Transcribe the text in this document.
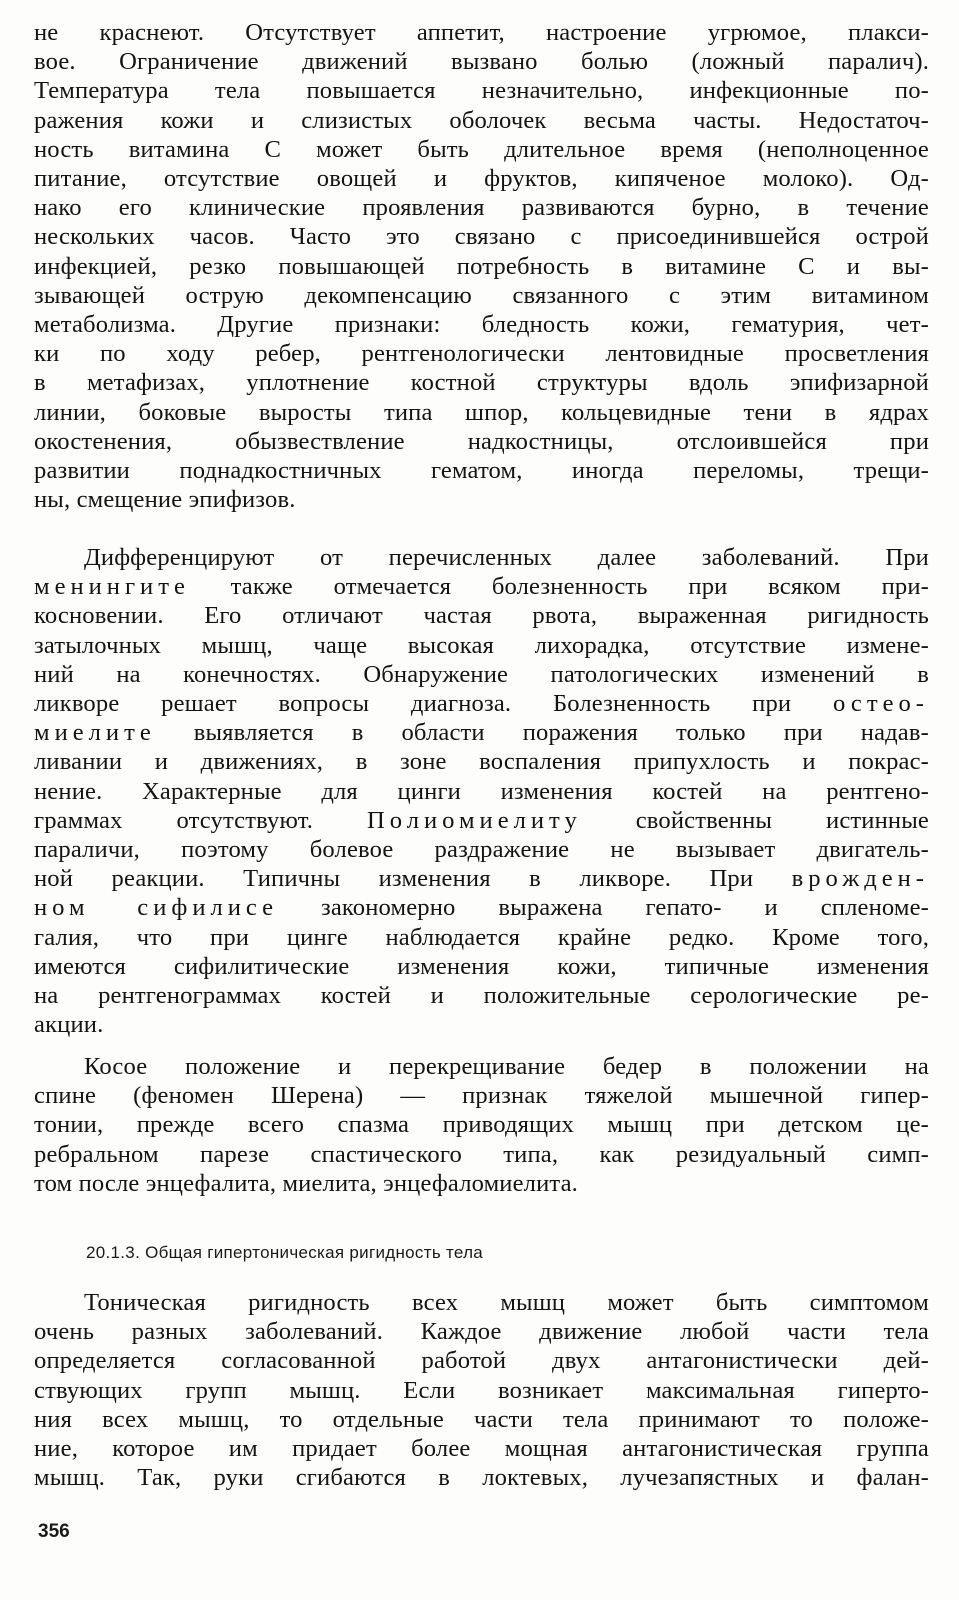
не краснеют. Отсутствует аппетит, настроение угрюмое, плакси-
вое. Ограничение движений вызвано болью (ложный паралич).
Температура тела повышается незначительно, инфекционные по-
ражения кожи и слизистых оболочек весьма часты. Недостаточ-
ность витамина С может быть длительное время (неполноценное
питание, отсутствие овощей и фруктов, кипяченое молоко). Од-
нако его клинические проявления развиваются бурно, в течение
нескольких часов. Часто это связано с присоединившейся острой
инфекцией, резко повышающей потребность в витамине С и вы-
зывающей острую декомпенсацию связанного с этим витамином
метаболизма. Другие признаки: бледность кожи, гематурия, чет-
ки по ходу ребер, рентгенологически лентовидные просветления
в метафизах, уплотнение костной структуры вдоль эпифизарной
линии, боковые выросты типа шпор, кольцевидные тени в ядрах
окостенения, обызвествление надкостницы, отслоившейся при
развитии поднадкостничных гематом, иногда переломы, трещи-
ны, смещение эпифизов.
Дифференцируют от перечисленных далее заболеваний. При
менингите также отмечается болезненность при всяком при-
косновении. Его отличают частая рвота, выраженная ригидность
затылочных мышц, чаще высокая лихорадка, отсутствие измене-
ний на конечностях. Обнаружение патологических изменений в
ликворе решает вопросы диагноза. Болезненность при остео-
миелите выявляется в области поражения только при надав-
ливании и движениях, в зоне воспаления припухлость и покрас-
нение. Характерные для цинги изменения костей на рентгено-
граммах отсутствуют. Полиомиелиту свойственны истинные
параличи, поэтому болевое раздражение не вызывает двигатель-
ной реакции. Типичны изменения в ликворе. При врожден-
ном сифилисе закономерно выражена гепато- и спленоме-
галия, что при цинге наблюдается крайне редко. Кроме того,
имеются сифилитические изменения кожи, типичные изменения
на рентгенограммах костей и положительные серологические ре-
акции.
Косое положение и перекрещивание бедер в положении на
спине (феномен Шерена) — признак тяжелой мышечной гипер-
тонии, прежде всего спазма приводящих мышц при детском це-
ребральном парезе спастического типа, как резидуальный симп-
том после энцефалита, миелита, энцефаломиелита.
20.1.3. Общая гипертоническая ригидность тела
Тоническая ригидность всех мышц может быть симптомом
очень разных заболеваний. Каждое движение любой части тела
определяется согласованной работой двух антагонистически дей-
ствующих групп мышц. Если возникает максимальная гиперто-
ния всех мышц, то отдельные части тела принимают то положе-
ние, которое им придает более мощная антагонистическая группа
мышц. Так, руки сгибаются в локтевых, лучезапястных и фалан-
356
